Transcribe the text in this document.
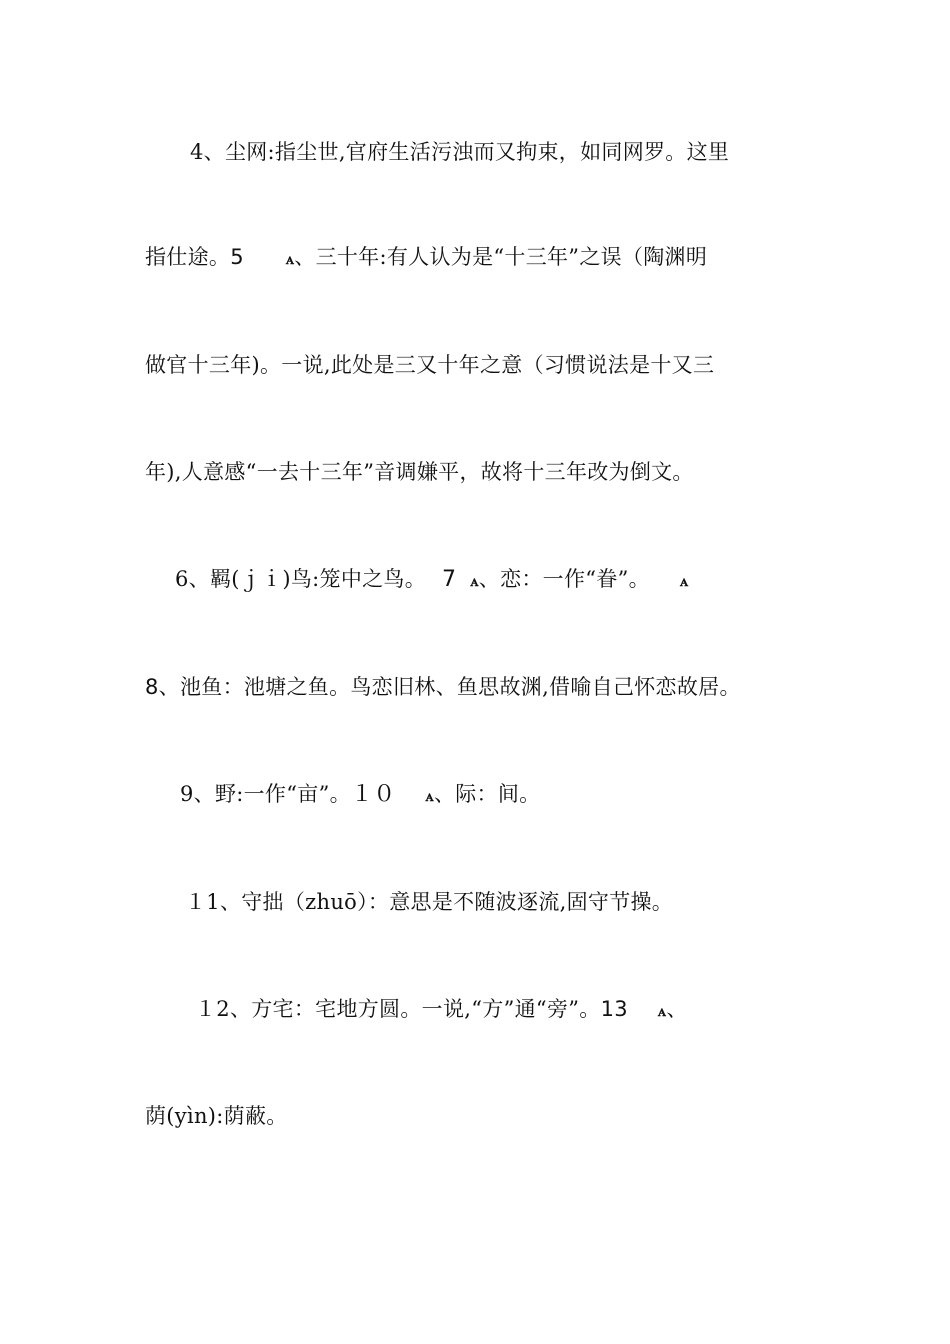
4、尘网:指尘世,官府生活污浊而又拘束，如同网罗。这里
指仕途。5	ꭺ、三十年:有人认为是“十三年”之误（陶渊明
做官十三年)。一说,此处是三又十年之意（习惯说法是十又三
年),人意感“一去十三年”音调嫌平，故将十三年改为倒文。
6、羁(ｊｉ)鸟:笼中之鸟。 7 ꭺ、恋：一作“眷”。 ꭺ
8、池鱼：池塘之鱼。鸟恋旧林、鱼思故渊,借喻自己怀恋故居。
9、野:一作“亩”。１０ ꭺ、际：间。
１1、守拙（zhuō）：意思是不随波逐流,固守节操。
１2、方宅：宅地方圆。一说,“方”通“旁”。13 ꭺ、
荫(yìn):荫蔽。
